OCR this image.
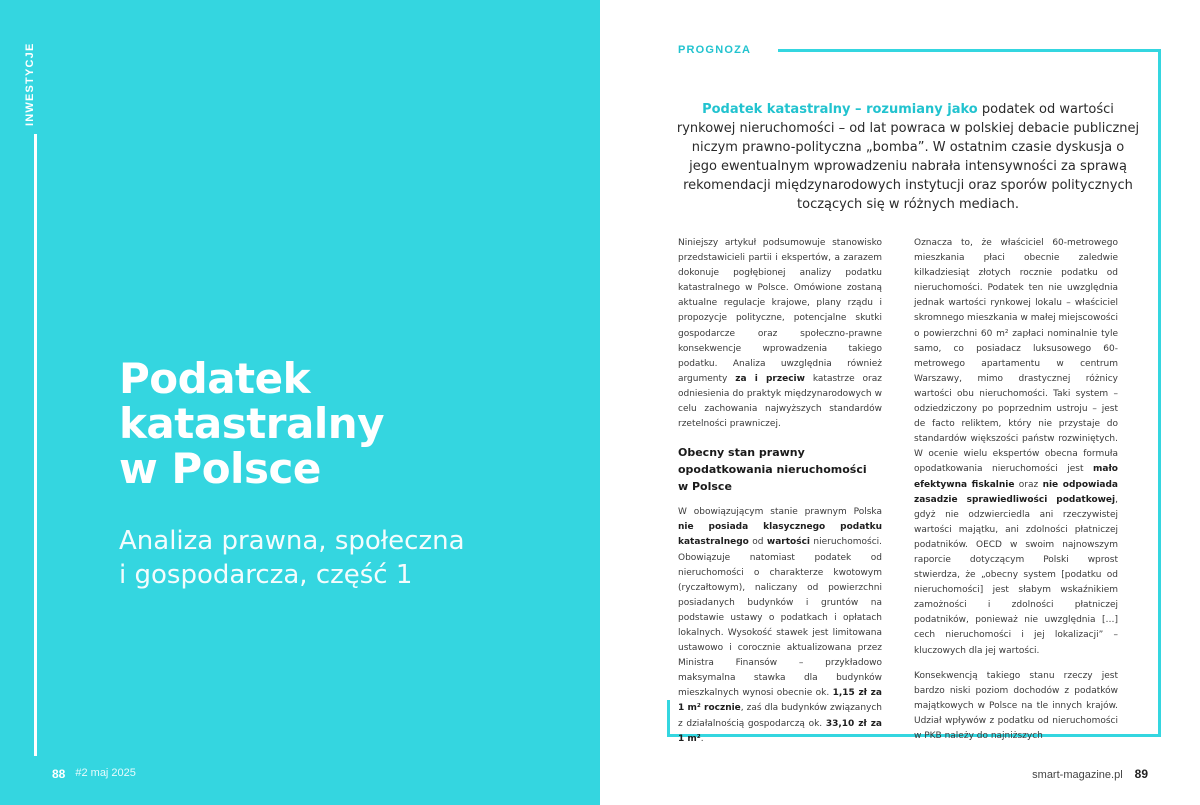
INWESTYCJE
Podatek
katastralny
w Polsce
Analiza prawna, społeczna
i gospodarcza, część 1
88 #2 maj 2025
PROGNOZA

Podatek katastralny – rozumiany jako podatek od wartości rynkowej nieruchomości – od lat powraca w polskiej debacie publicznej niczym prawno-polityczna „bomba”. W ostatnim czasie dyskusja o jego ewentualnym wprowadzeniu nabrała intensywności za sprawą rekomendacji międzynarodowych instytucji oraz sporów politycznych toczących się w różnych mediach.

Niniejszy artykuł podsumowuje stanowisko przedstawicieli partii i ekspertów, a zarazem dokonuje pogłębionej analizy podatku katastralnego w Polsce. Omówione zostaną aktualne regulacje krajowe, plany rządu i propozycje polityczne, potencjalne skutki gospodarcze oraz społeczno-prawne konsekwencje wprowadzenia takiego podatku. Analiza uwzględnia również argumenty za i przeciw katastrze oraz odniesienia do praktyk międzynarodowych w celu zachowania najwyższych standardów rzetelności prawniczej.

Obecny stan prawny opodatkowania nieruchomości w Polsce

W obowiązującym stanie prawnym Polska nie posiada klasycznego podatku katastralnego od wartości nieruchomości. Obowiązuje natomiast podatek od nieruchomości o charakterze kwotowym (ryczałtowym), naliczany od powierzchni posiadanych budynków i gruntów na podstawie ustawy o podatkach i opłatach lokalnych. Wysokość stawek jest limitowana ustawowo i corocznie aktualizowana przez Ministra Finansów – przykładowo maksymalna stawka dla budynków mieszkalnych wynosi obecnie ok. 1,15 zł za 1 m² rocznie, zaś dla budynków związanych z działalnością gospodarczą ok. 33,10 zł za 1 m².

Oznacza to, że właściciel 60-metrowego mieszkania płaci obecnie zaledwie kilkadziesiąt złotych rocznie podatku od nieruchomości. Podatek ten nie uwzględnia jednak wartości rynkowej lokalu – właściciel skromnego mieszkania w małej miejscowości o powierzchni 60 m² zapłaci nominalnie tyle samo, co posiadacz luksusowego 60-metrowego apartamentu w centrum Warszawy, mimo drastycznej różnicy wartości obu nieruchomości. Taki system – odziedziczony po poprzednim ustroju – jest de facto reliktem, który nie przystaje do standardów większości państw rozwiniętych. W ocenie wielu ekspertów obecna formuła opodatkowania nieruchomości jest mało efektywna fiskalnie oraz nie odpowiada zasadzie sprawiedliwości podatkowej, gdyż nie odzwierciedla ani rzeczywistej wartości majątku, ani zdolności płatniczej podatników. OECD w swoim najnowszym raporcie dotyczącym Polski wprost stwierdza, że „obecny system [podatku od nieruchomości] jest słabym wskaźnikiem zamożności i zdolności płatniczej podatników, ponieważ nie uwzględnia […] cech nieruchomości i jej lokalizacji” – kluczowych dla jej wartości.

Konsekwencją takiego stanu rzeczy jest bardzo niski poziom dochodów z podatków majątkowych w Polsce na tle innych krajów. Udział wpływów z podatku od nieruchomości w PKB należy do najniższych

smart-magazine.pl 89
